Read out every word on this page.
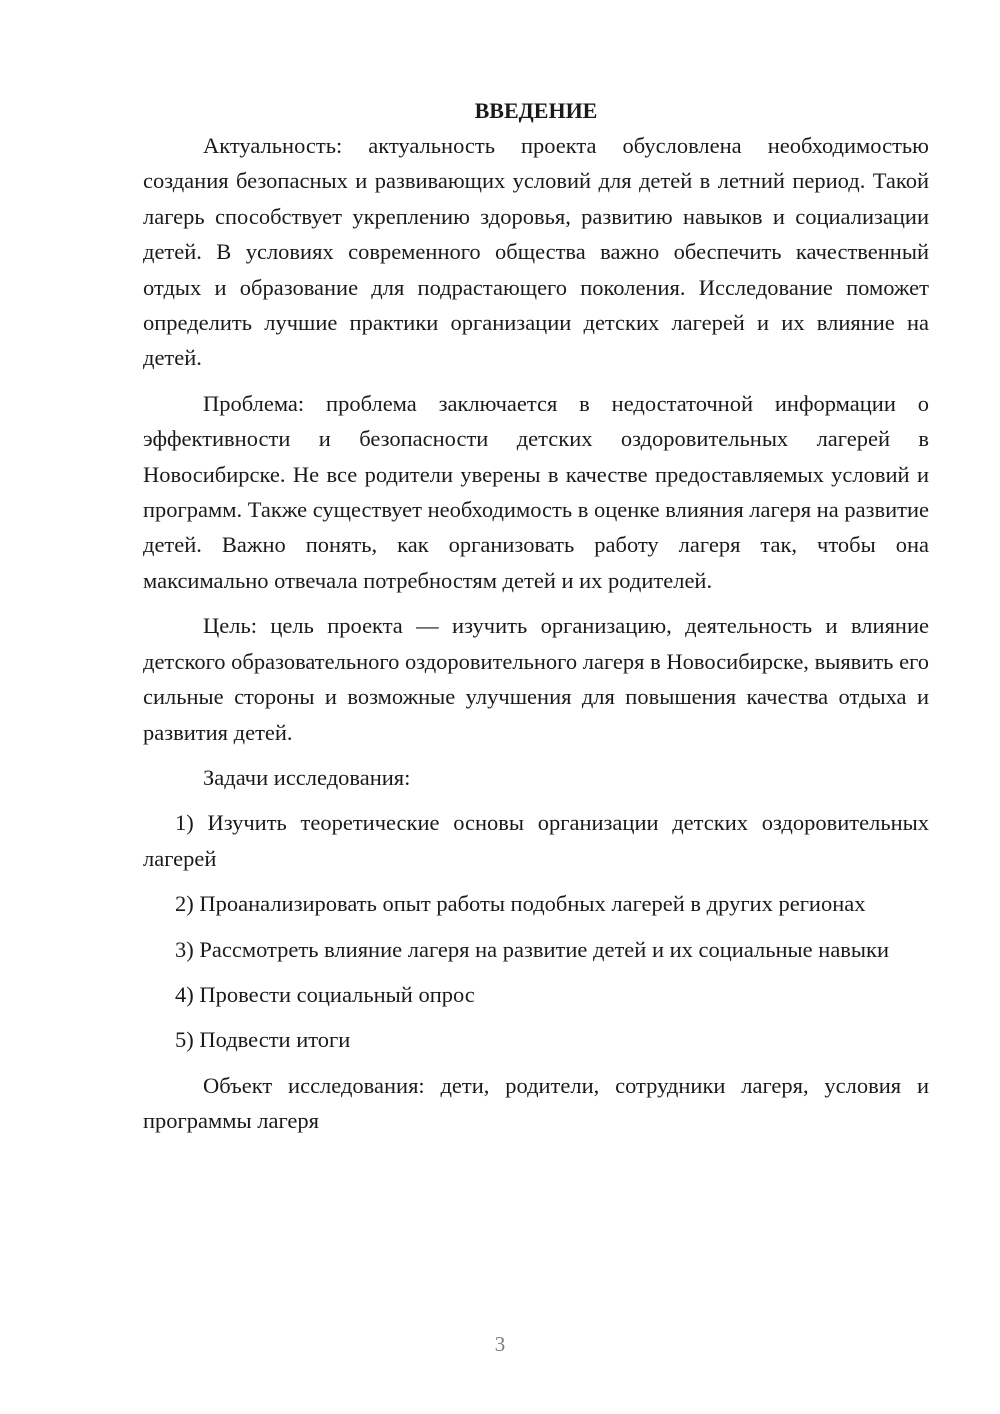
ВВЕДЕНИЕ

Актуальность: актуальность проекта обусловлена необходимостью создания безопасных и развивающих условий для детей в летний период. Такой лагерь способствует укреплению здоровья, развитию навыков и социализации детей. В условиях современного общества важно обеспечить качественный отдых и образование для подрастающего поколения. Исследование поможет определить лучшие практики организации детских лагерей и их влияние на детей.

Проблема: проблема заключается в недостаточной информации о эффективности и безопасности детских оздоровительных лагерей в Новосибирске. Не все родители уверены в качестве предоставляемых условий и программ. Также существует необходимость в оценке влияния лагеря на развитие детей. Важно понять, как организовать работу лагеря так, чтобы она максимально отвечала потребностям детей и их родителей.

Цель: цель проекта — изучить организацию, деятельность и влияние детского образовательного оздоровительного лагеря в Новосибирске, выявить его сильные стороны и возможные улучшения для повышения качества отдыха и развития детей.

Задачи исследования:

1) Изучить теоретические основы организации детских оздоровительных лагерей

2) Проанализировать опыт работы подобных лагерей в других регионах

3) Рассмотреть влияние лагеря на развитие детей и их социальные навыки

4) Провести социальный опрос

5) Подвести итоги

Объект исследования: дети, родители, сотрудники лагеря, условия и программы лагеря

3
